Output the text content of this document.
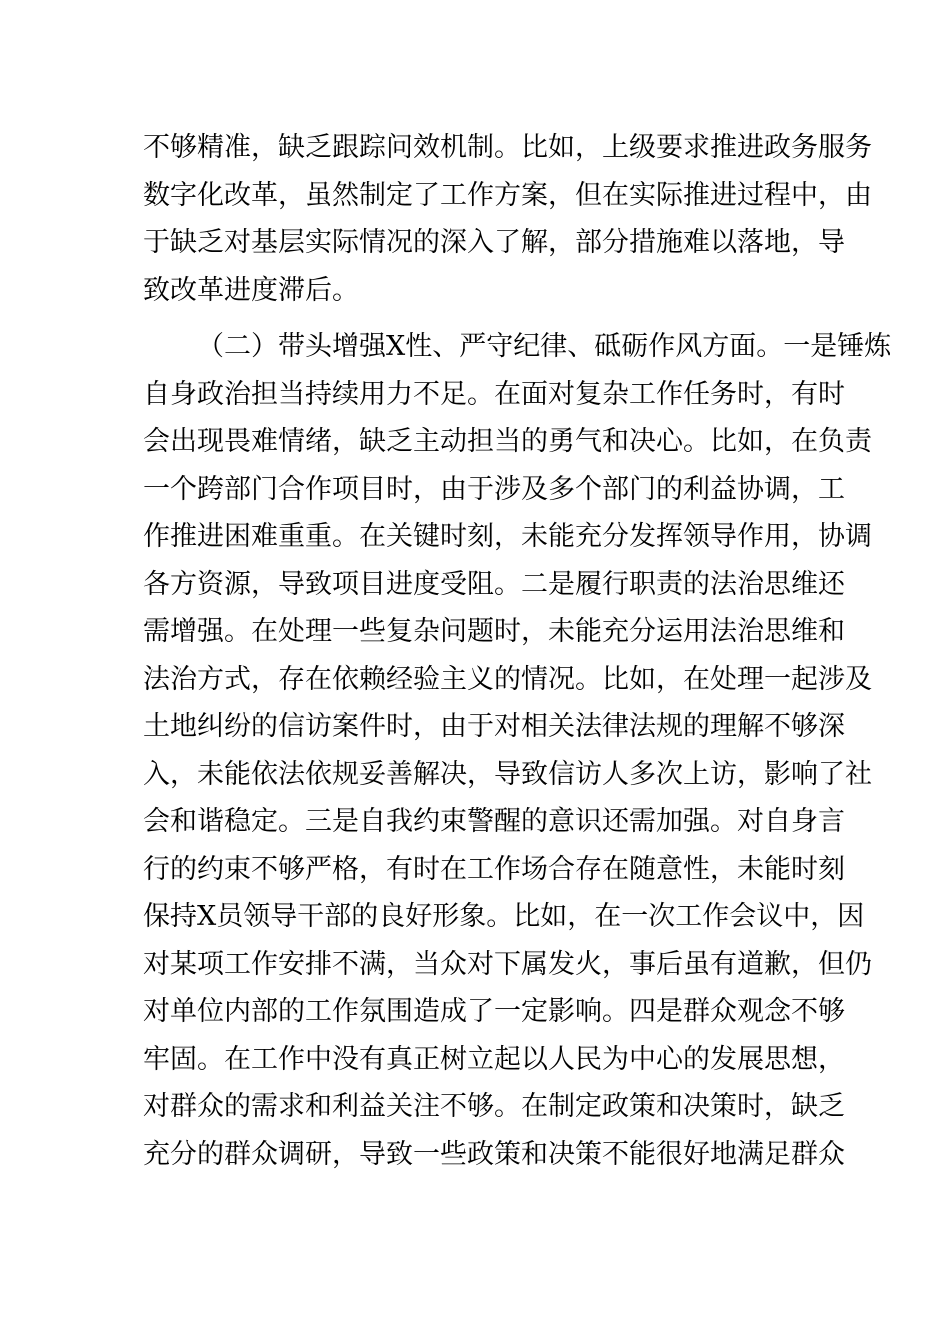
不够精准，缺乏跟踪问效机制。比如，上级要求推进政务服务
数字化改革，虽然制定了工作方案，但在实际推进过程中，由
于缺乏对基层实际情况的深入了解，部分措施难以落地，导
致改革进度滞后。
（二）带头增强X性、严守纪律、砥砺作风方面。一是锤炼
自身政治担当持续用力不足。在面对复杂工作任务时，有时
会出现畏难情绪，缺乏主动担当的勇气和决心。比如，在负责
一个跨部门合作项目时，由于涉及多个部门的利益协调，工
作推进困难重重。在关键时刻，未能充分发挥领导作用，协调
各方资源，导致项目进度受阻。二是履行职责的法治思维还
需增强。在处理一些复杂问题时，未能充分运用法治思维和
法治方式，存在依赖经验主义的情况。比如，在处理一起涉及
土地纠纷的信访案件时，由于对相关法律法规的理解不够深
入，未能依法依规妥善解决，导致信访人多次上访，影响了社
会和谐稳定。三是自我约束警醒的意识还需加强。对自身言
行的约束不够严格，有时在工作场合存在随意性，未能时刻
保持X员领导干部的良好形象。比如，在一次工作会议中，因
对某项工作安排不满，当众对下属发火，事后虽有道歉，但仍
对单位内部的工作氛围造成了一定影响。四是群众观念不够
牢固。在工作中没有真正树立起以人民为中心的发展思想，
对群众的需求和利益关注不够。在制定政策和决策时，缺乏
充分的群众调研，导致一些政策和决策不能很好地满足群众
